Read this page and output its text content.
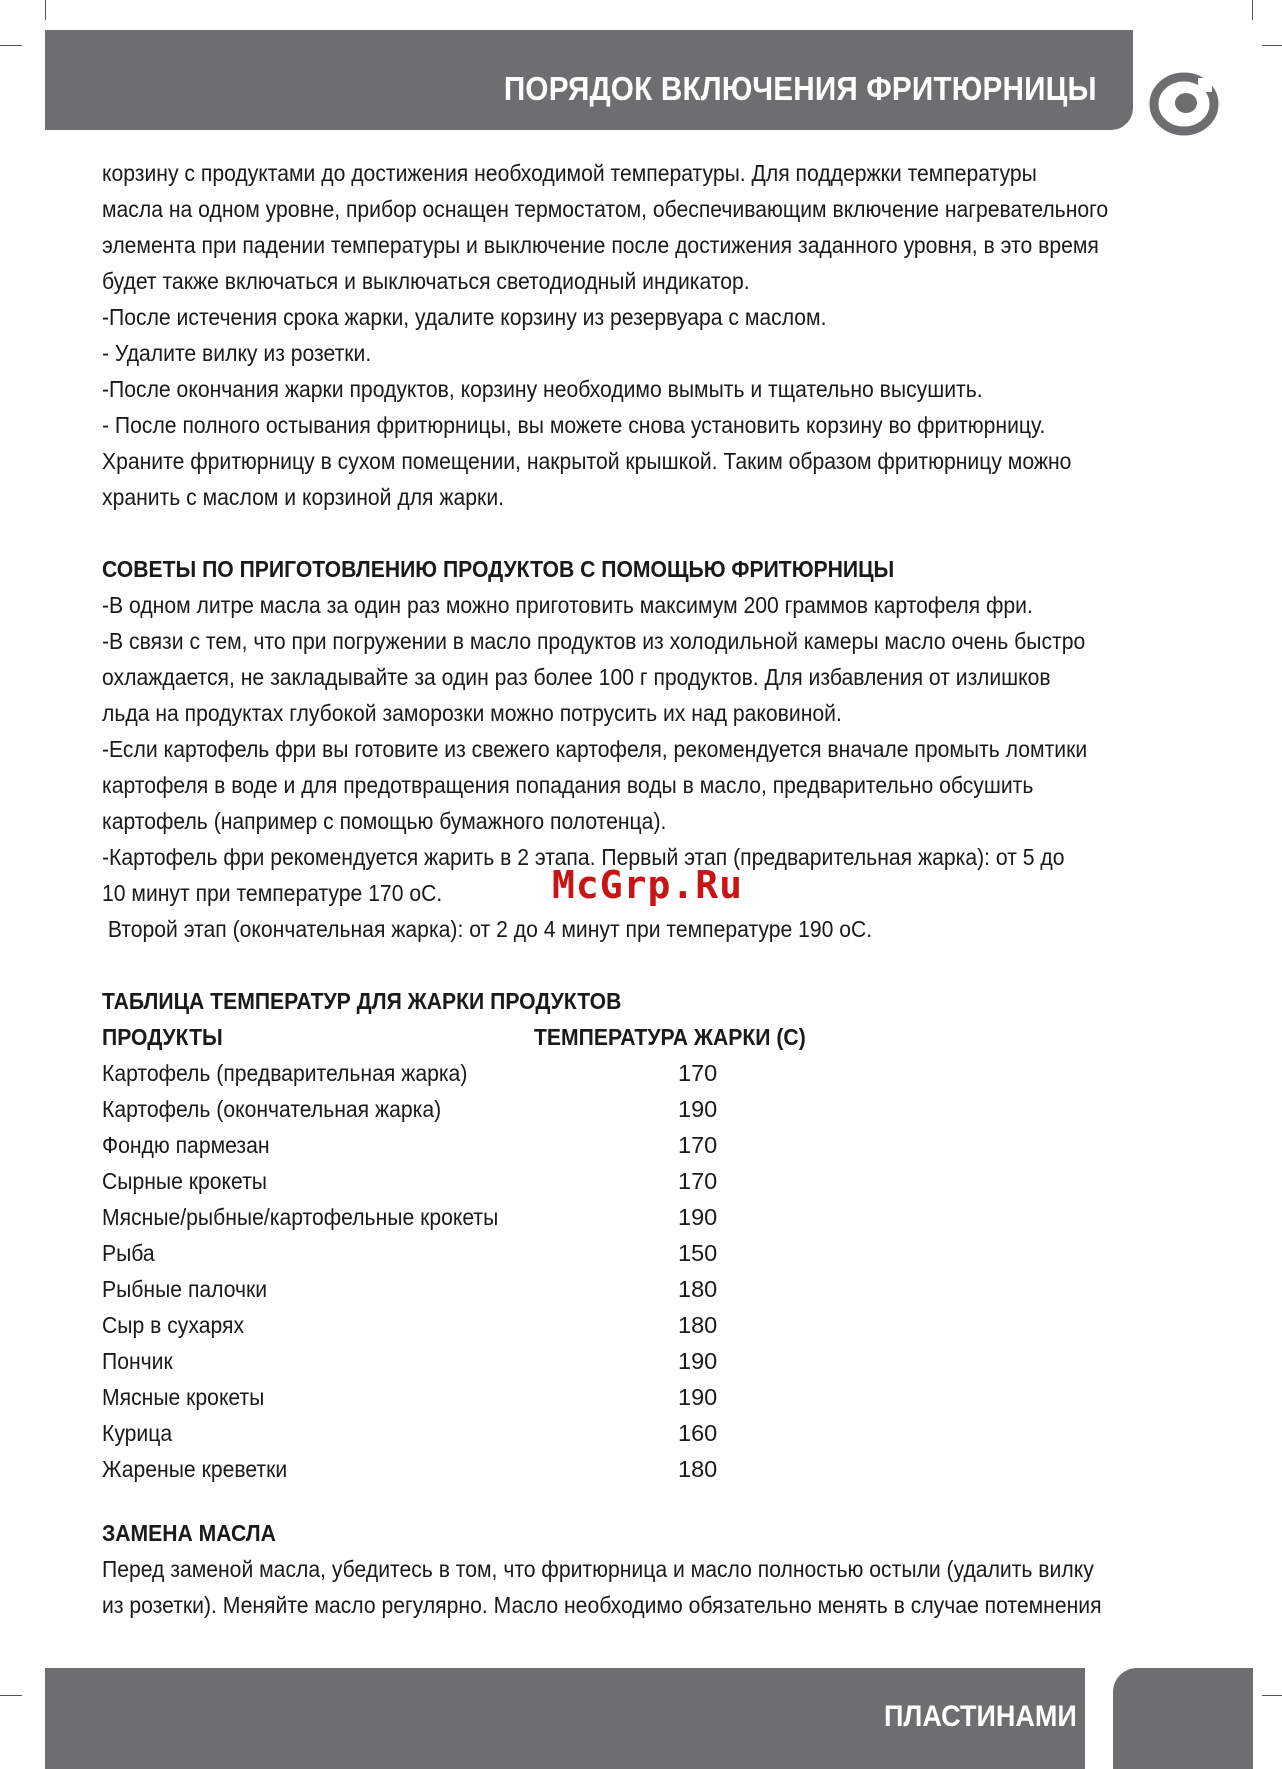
ПОРЯДОК ВКЛЮЧЕНИЯ ФРИТЮРНИЦЫ
корзину с продуктами до достижения необходимой температуры. Для поддержки температуры
масла на одном уровне, прибор оснащен термостатом, обеспечивающим включение нагревательного
элемента при падении температуры и выключение после достижения заданного уровня, в это время
будет также включаться и выключаться светодиодный индикатор.
-После истечения срока жарки, удалите корзину из резервуара с маслом.
- Удалите вилку из розетки.
-После окончания жарки продуктов, корзину необходимо вымыть и тщательно высушить.
- После полного остывания фритюрницы, вы можете снова установить корзину во фритюрницу.
Храните фритюрницу в сухом помещении, накрытой крышкой. Таким образом фритюрницу можно
хранить с маслом и корзиной для жарки.
СОВЕТЫ ПО ПРИГОТОВЛЕНИЮ ПРОДУКТОВ С ПОМОЩЬЮ ФРИТЮРНИЦЫ
-В одном литре масла за один раз можно приготовить максимум 200 граммов картофеля фри.
-В связи с тем, что при погружении в масло продуктов из холодильной камеры масло очень быстро
охлаждается, не закладывайте за один раз более 100 г продуктов. Для избавления от излишков
льда на продуктах глубокой заморозки можно потрусить их над раковиной.
-Если картофель фри вы готовите из свежего картофеля, рекомендуется вначале промыть ломтики
картофеля в воде и для предотвращения попадания воды в масло, предварительно обсушить
картофель (например с помощью бумажного полотенца).
-Картофель фри рекомендуется жарить в 2 этапа. Первый этап (предварительная жарка): от 5 до
10 минут при температуре 170 оС.
Второй этап (окончательная жарка): от 2 до 4 минут при температуре 190 оС.
ТАБЛИЦА ТЕМПЕРАТУР ДЛЯ ЖАРКИ ПРОДУКТОВ
ПРОДУКТЫ	ТЕМПЕРАТУРА ЖАРКИ (С)
Картофель (предварительная жарка)	170
Картофель (окончательная жарка)	190
Фондю пармезан	170
Сырные крокеты	170
Мясные/рыбные/картофельные крокеты	190
Рыба	150
Рыбные палочки	180
Сыр в сухарях	180
Пончик	190
Мясные крокеты	190
Курица	160
Жареные креветки	180
ЗАМЕНА МАСЛА
Перед заменой масла, убедитесь в том, что фритюрница и масло полностью остыли (удалить вилку
из розетки). Меняйте масло регулярно. Масло необходимо обязательно менять в случае потемнения
McGrp.Ru
ПЛАСТИНАМИ
